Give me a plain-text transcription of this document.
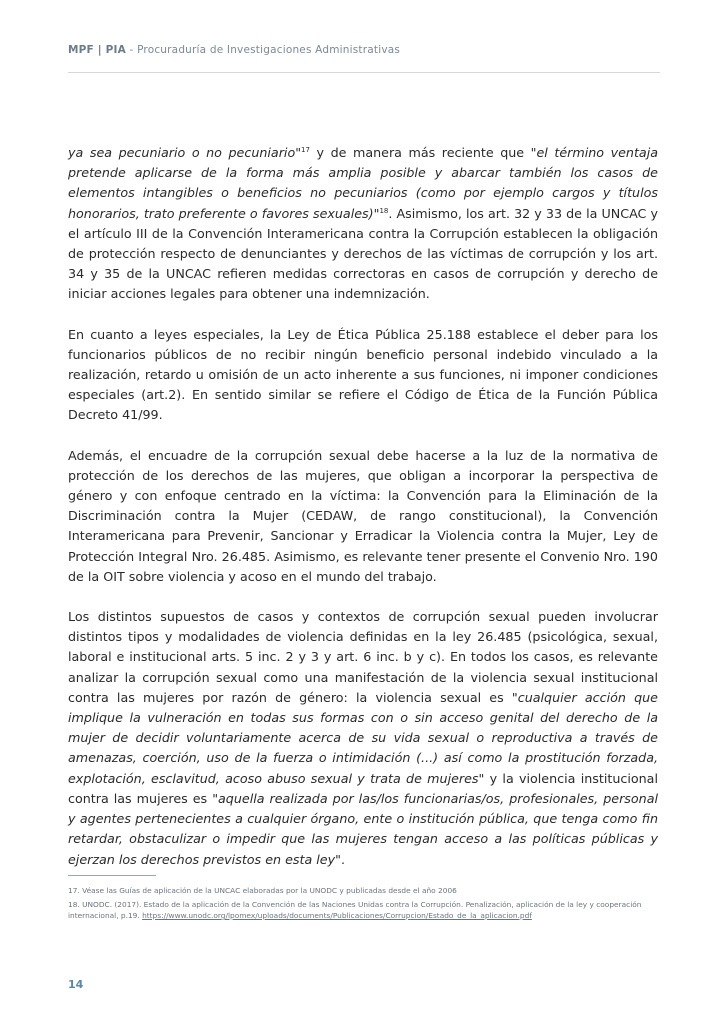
MPF | PIA - Procuraduría de Investigaciones Administrativas

ya sea pecuniario o no pecuniario"$^{17}$ y de manera más reciente que "el término ventaja pretende aplicarse de la forma más amplia posible y abarcar también los casos de elementos intangibles o beneficios no pecuniarios (como por ejemplo cargos y títulos honorarios, trato preferente o favores sexuales)"$^{18}$. Asimismo, los art. 32 y 33 de la UNCAC y el artículo III de la Convención Interamericana contra la Corrupción establecen la obligación de protección respecto de denunciantes y derechos de las víctimas de corrupción y los art. 34 y 35 de la UNCAC refieren medidas correctoras en casos de corrupción y derecho de iniciar acciones legales para obtener una indemnización.

En cuanto a leyes especiales, la Ley de Ética Pública 25.188 establece el deber para los funcionarios públicos de no recibir ningún beneficio personal indebido vinculado a la realización, retardo u omisión de un acto inherente a sus funciones, ni imponer condiciones especiales (art.2). En sentido similar se refiere el Código de Ética de la Función Pública Decreto 41/99.

Además, el encuadre de la corrupción sexual debe hacerse a la luz de la normativa de protección de los derechos de las mujeres, que obligan a incorporar la perspectiva de género y con enfoque centrado en la víctima: la Convención para la Eliminación de la Discriminación contra la Mujer (CEDAW, de rango constitucional), la Convención Interamericana para Prevenir, Sancionar y Erradicar la Violencia contra la Mujer, Ley de Protección Integral Nro. 26.485. Asimismo, es relevante tener presente el Convenio Nro. 190 de la OIT sobre violencia y acoso en el mundo del trabajo.

Los distintos supuestos de casos y contextos de corrupción sexual pueden involucrar distintos tipos y modalidades de violencia definidas en la ley 26.485 (psicológica, sexual, laboral e institucional arts. 5 inc. 2 y 3 y art. 6 inc. b y c). En todos los casos, es relevante analizar la corrupción sexual como una manifestación de la violencia sexual institucional contra las mujeres por razón de género: la violencia sexual es "cualquier acción que implique la vulneración en todas sus formas con o sin acceso genital del derecho de la mujer de decidir voluntariamente acerca de su vida sexual o reproductiva a través de amenazas, coerción, uso de la fuerza o intimidación (...) así como la prostitución forzada, explotación, esclavitud, acoso abuso sexual y trata de mujeres" y la violencia institucional contra las mujeres es "aquella realizada por las/los funcionarias/os, profesionales, personal y agentes pertenecientes a cualquier órgano, ente o institución pública, que tenga como fin retardar, obstaculizar o impedir que las mujeres tengan acceso a las políticas públicas y ejerzan los derechos previstos en esta ley".

17. Véase las Guías de aplicación de la UNCAC elaboradas por la UNODC y publicadas desde el año 2006

18. UNODC. (2017). Estado de la aplicación de la Convención de las Naciones Unidas contra la Corrupción. Penalización, aplicación de la ley y cooperación internacional, p.19. https://www.unodc.org/lpomex/uploads/documents/Publicaciones/Corrupcion/Estado_de_la_aplicacion.pdf

14
